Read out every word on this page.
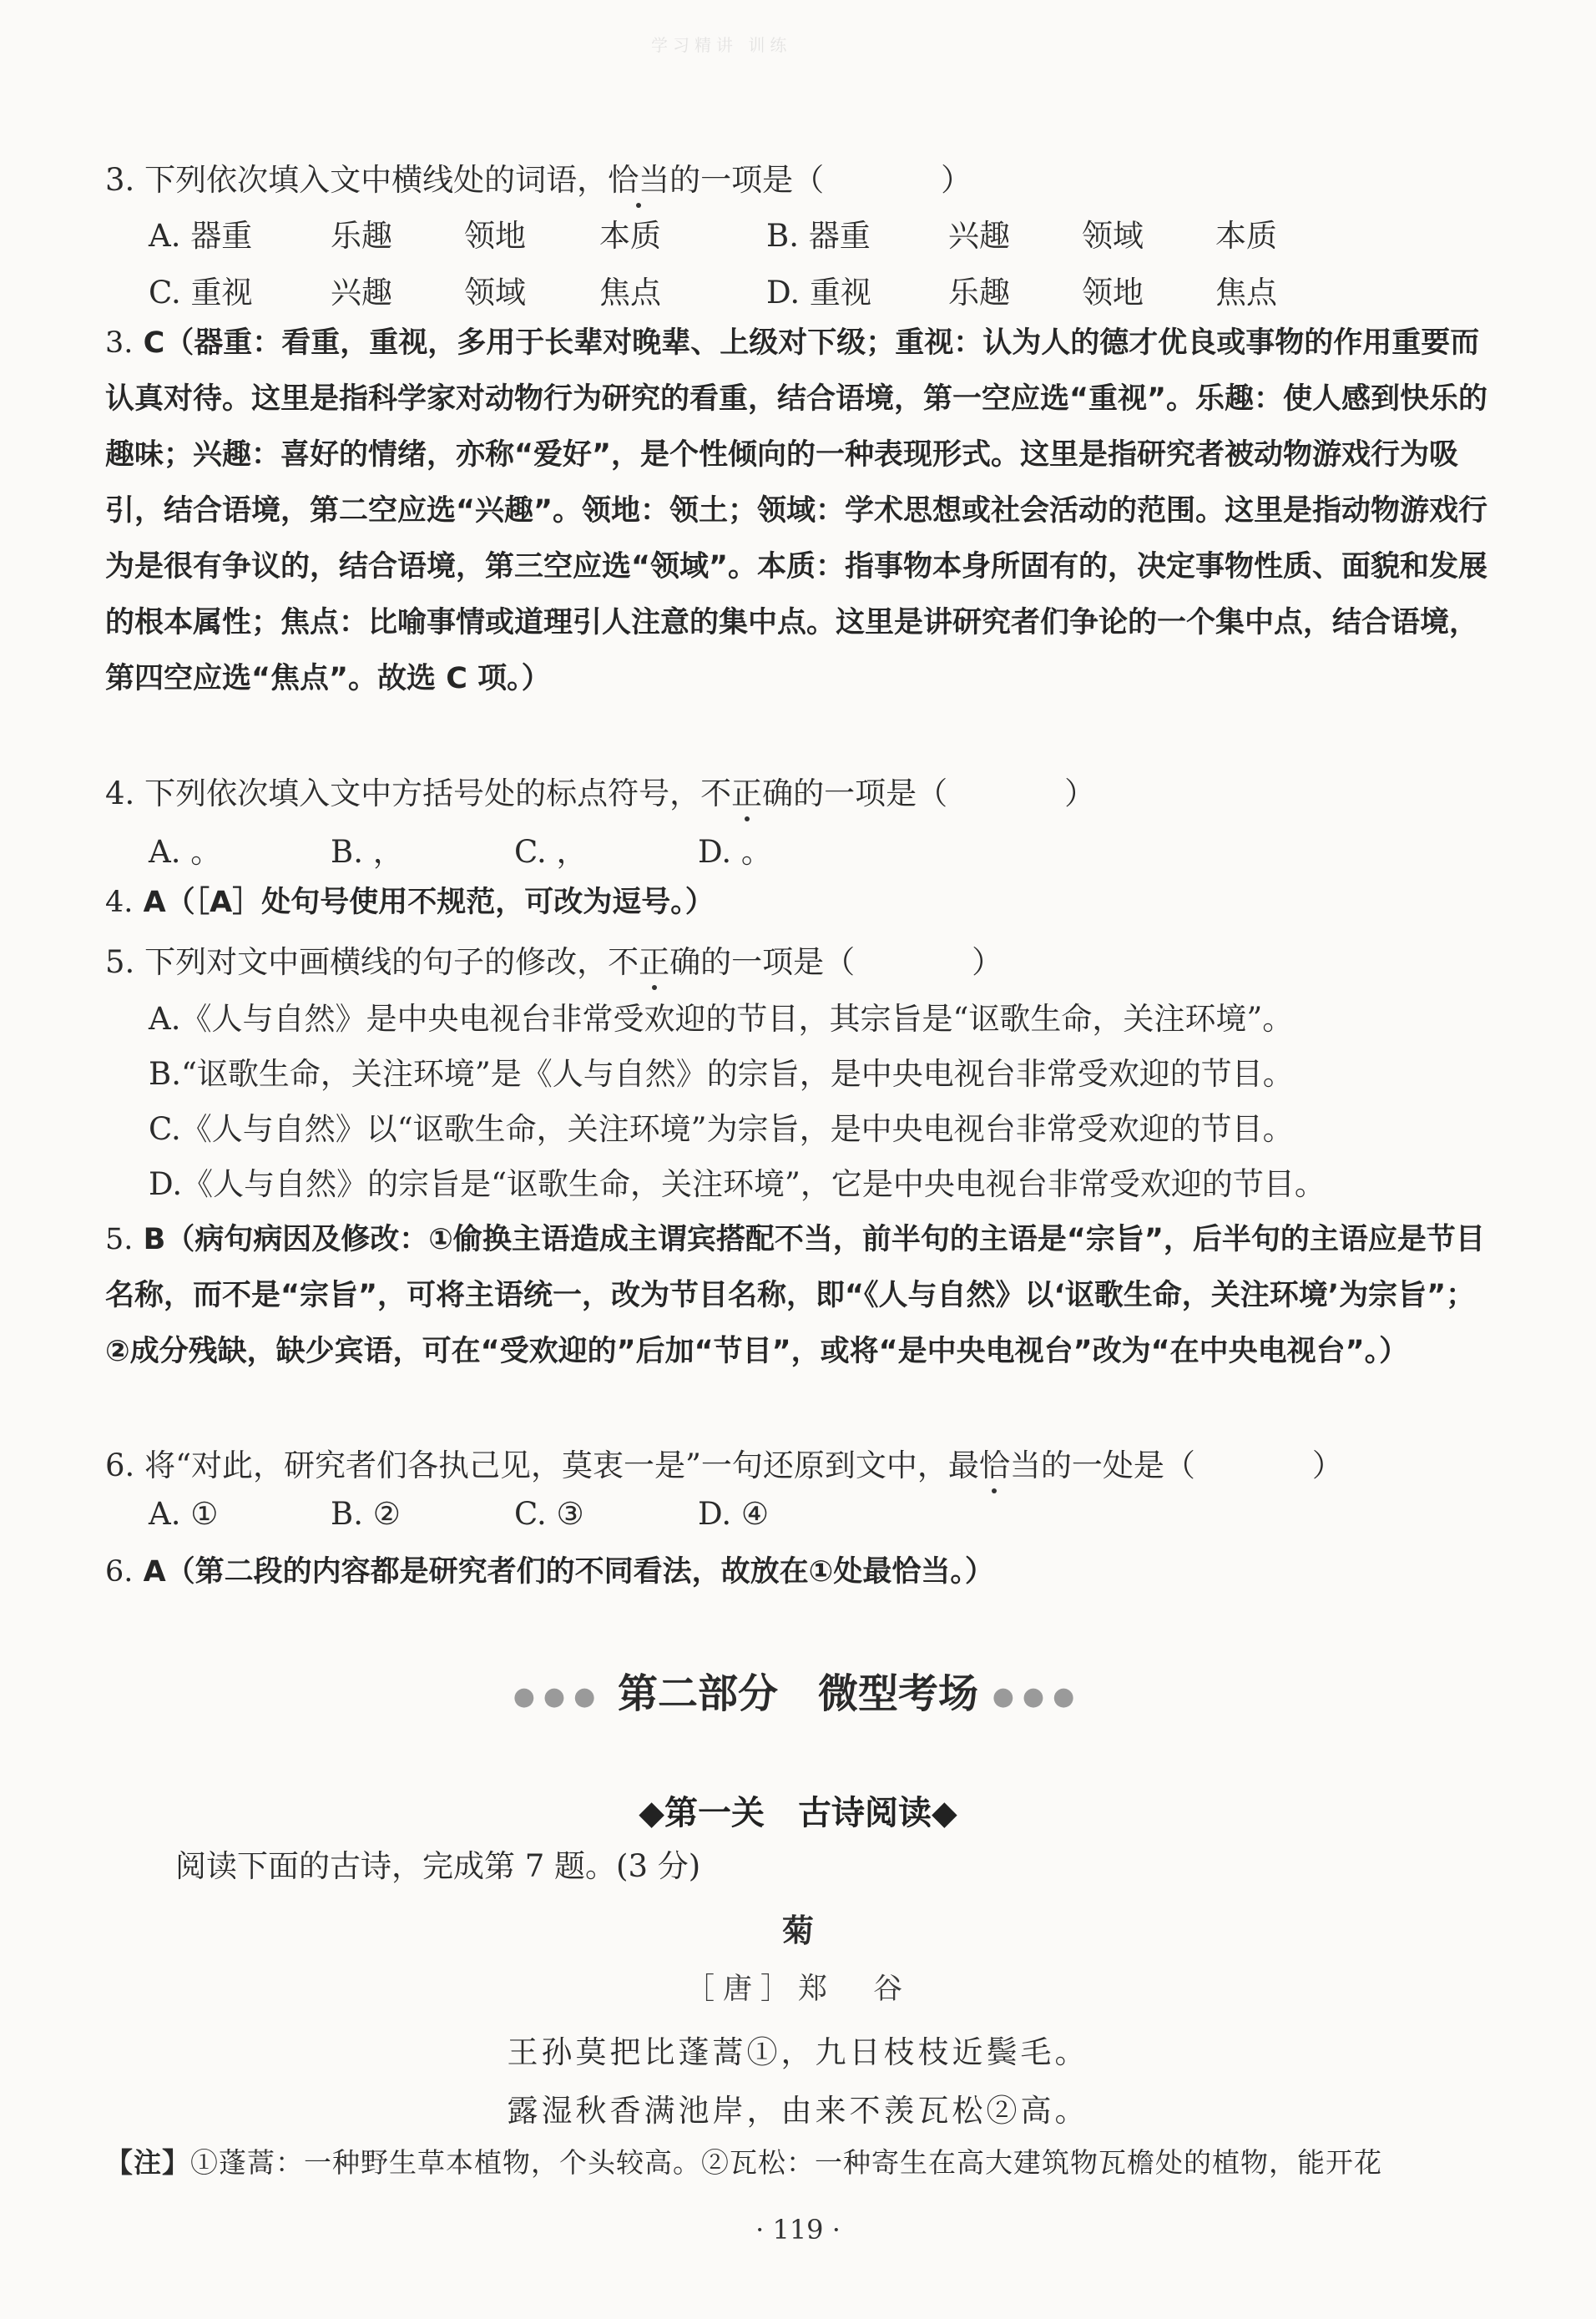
学习精讲 训练

3. 下列依次填入文中横线处的词语，恰当的一项是（	）

A. 器重	乐趣 领地 本质	B. 器重	兴趣 领域 本质
C. 重视	兴趣 领域 焦点	D. 重视 乐趣 领地 焦点

3. C（器重：看重，重视，多用于长辈对晚辈、上级对下级；重视：认为人的德才优良或事物的作用重要而认真对待。这里是指科学家对动物行为研究的看重，结合语境，第一空应选“重视”。乐趣：使人感到快乐的趣味；兴趣：喜好的情绪，亦称“爱好”，是个性倾向的一种表现形式。这里是指研究者被动物游戏行为吸引，结合语境，第二空应选“兴趣”。领地：领土；领域：学术思想或社会活动的范围。这里是指动物游戏行为是很有争议的，结合语境，第三空应选“领域”。本质：指事物本身所固有的，决定事物性质、面貌和发展的根本属性；焦点：比喻事情或道理引人注意的集中点。这里是讲研究者们争论的一个集中点，结合语境，第四空应选“焦点”。故选 C 项。）

4. 下列依次填入文中方括号处的标点符号，不正确的一项是（	）

A. 。	B. ，	C. ，	D. 。

4. A（［A］处句号使用不规范，可改为逗号。）

5. 下列对文中画横线的句子的修改，不正确的一项是（	）

A.《人与自然》是中央电视台非常受欢迎的节目，其宗旨是“讴歌生命，关注环境”。

B.“讴歌生命，关注环境”是《人与自然》的宗旨，是中央电视台非常受欢迎的节目。

C.《人与自然》以“讴歌生命，关注环境”为宗旨，是中央电视台非常受欢迎的节目。

D.《人与自然》的宗旨是“讴歌生命，关注环境”，它是中央电视台非常受欢迎的节目。

5. B（病句病因及修改：①偷换主语造成主谓宾搭配不当，前半句的主语是“宗旨”，后半句的主语应是节目名称，而不是“宗旨”，可将主语统一，改为节目名称，即“《人与自然》以‘讴歌生命，关注环境’为宗旨”；②成分残缺，缺少宾语，可在“受欢迎的”后加“节目”，或将“是中央电视台”改为“在中央电视台”。）

6. 将“对此，研究者们各执己见，莫衷一是”一句还原到文中，最恰当的一处是（	）

A. ①	B. ②	C. ③	D. ④

6. A（第二段的内容都是研究者们的不同看法，故放在①处最恰当。）

●●● 第二部分　微型考场 ●●●
◆第一关　古诗阅读◆

阅读下面的古诗，完成第 7 题。(3 分)

菊
［唐］郑　谷
王孙莫把比蓬蒿①，九日枝枝近鬓毛。
露湿秋香满池岸，由来不羡瓦松②高。

【注】①蓬蒿：一种野生草本植物，个头较高。②瓦松：一种寄生在高大建筑物瓦檐处的植物，能开花

· 119 ·
